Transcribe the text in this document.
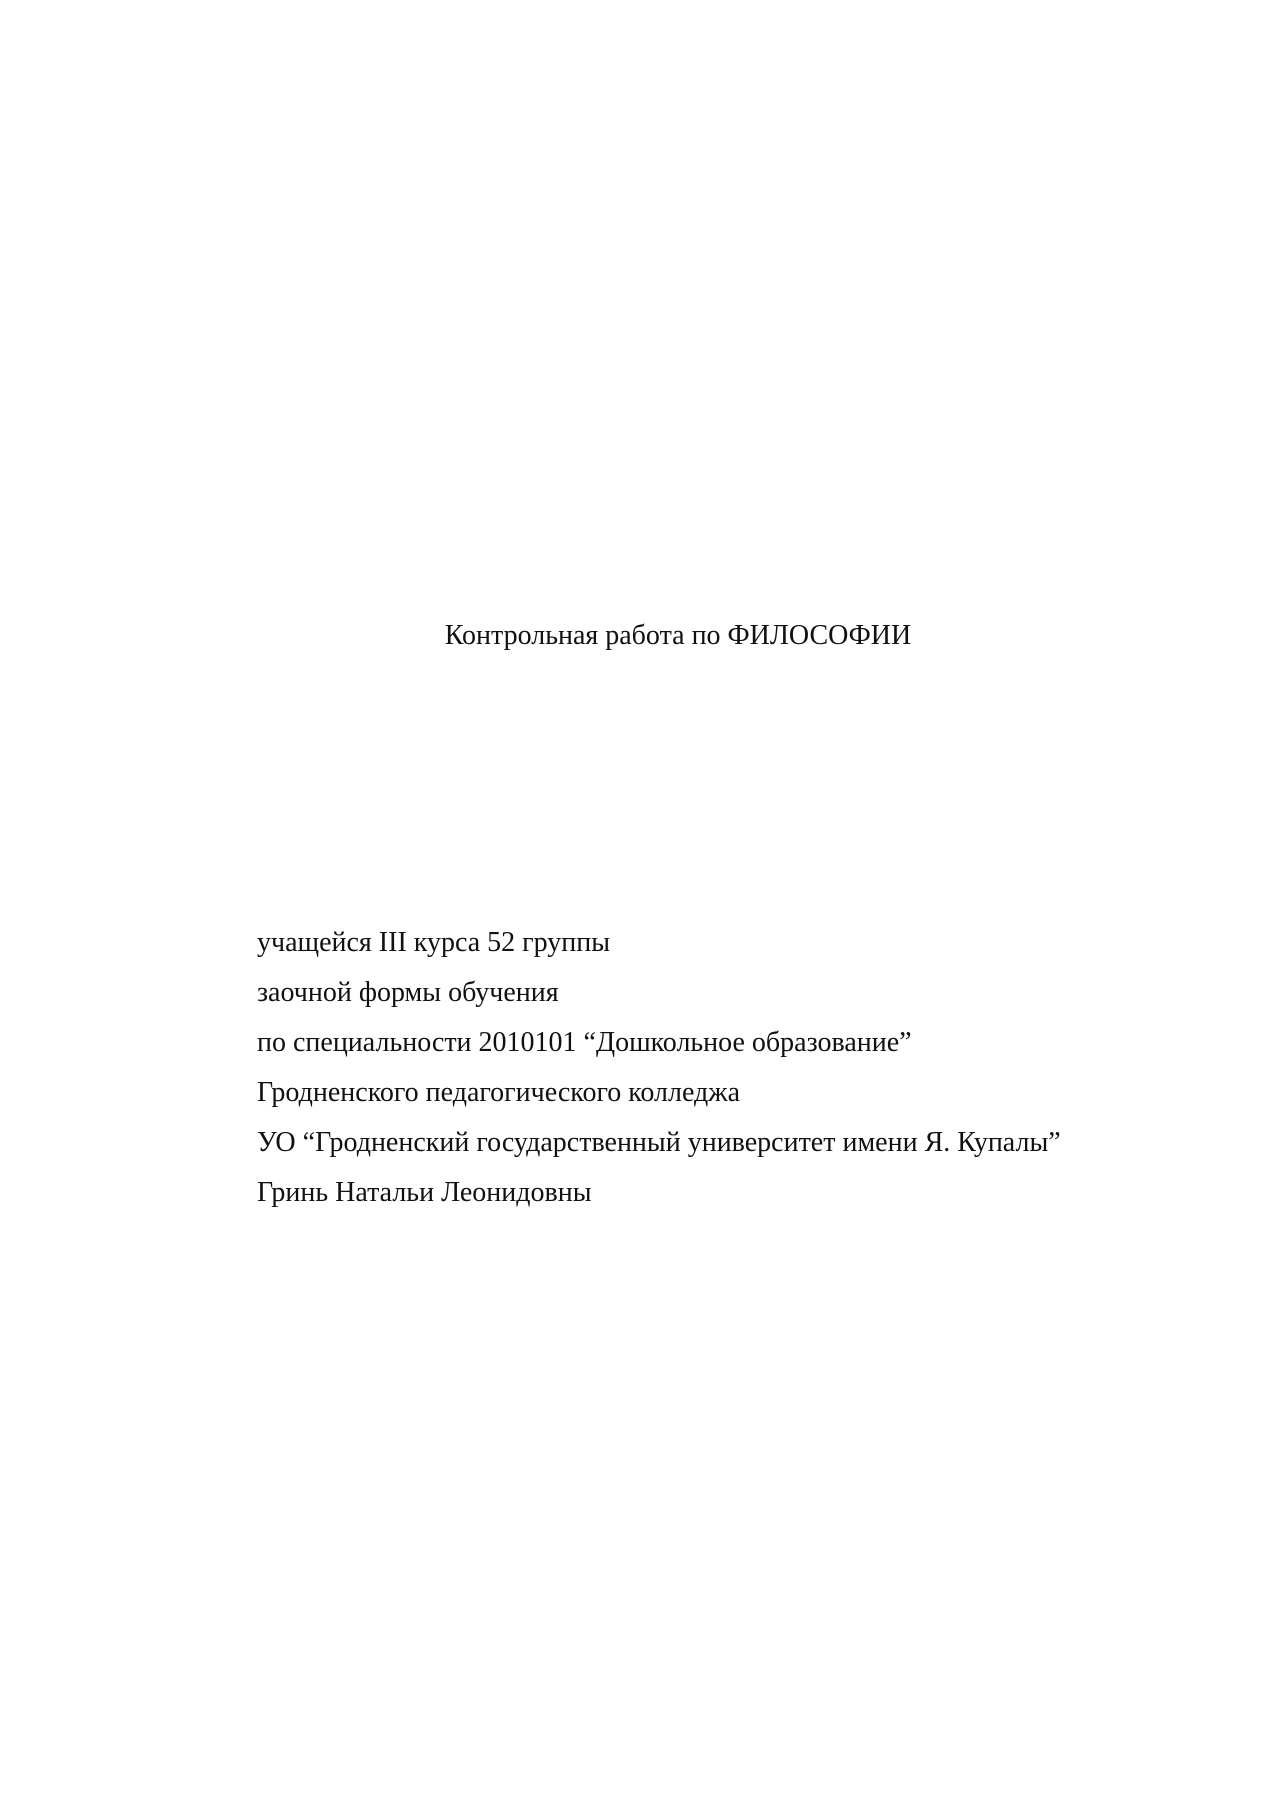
Контрольная работа по ФИЛОСОФИИ
учащейся III курса 52 группы
заочной формы обучения
по специальности 2010101 “Дошкольное образование”
Гродненского педагогического колледжа
УО “Гродненский государственный университет имени Я. Купалы”
Гринь Натальи Леонидовны
